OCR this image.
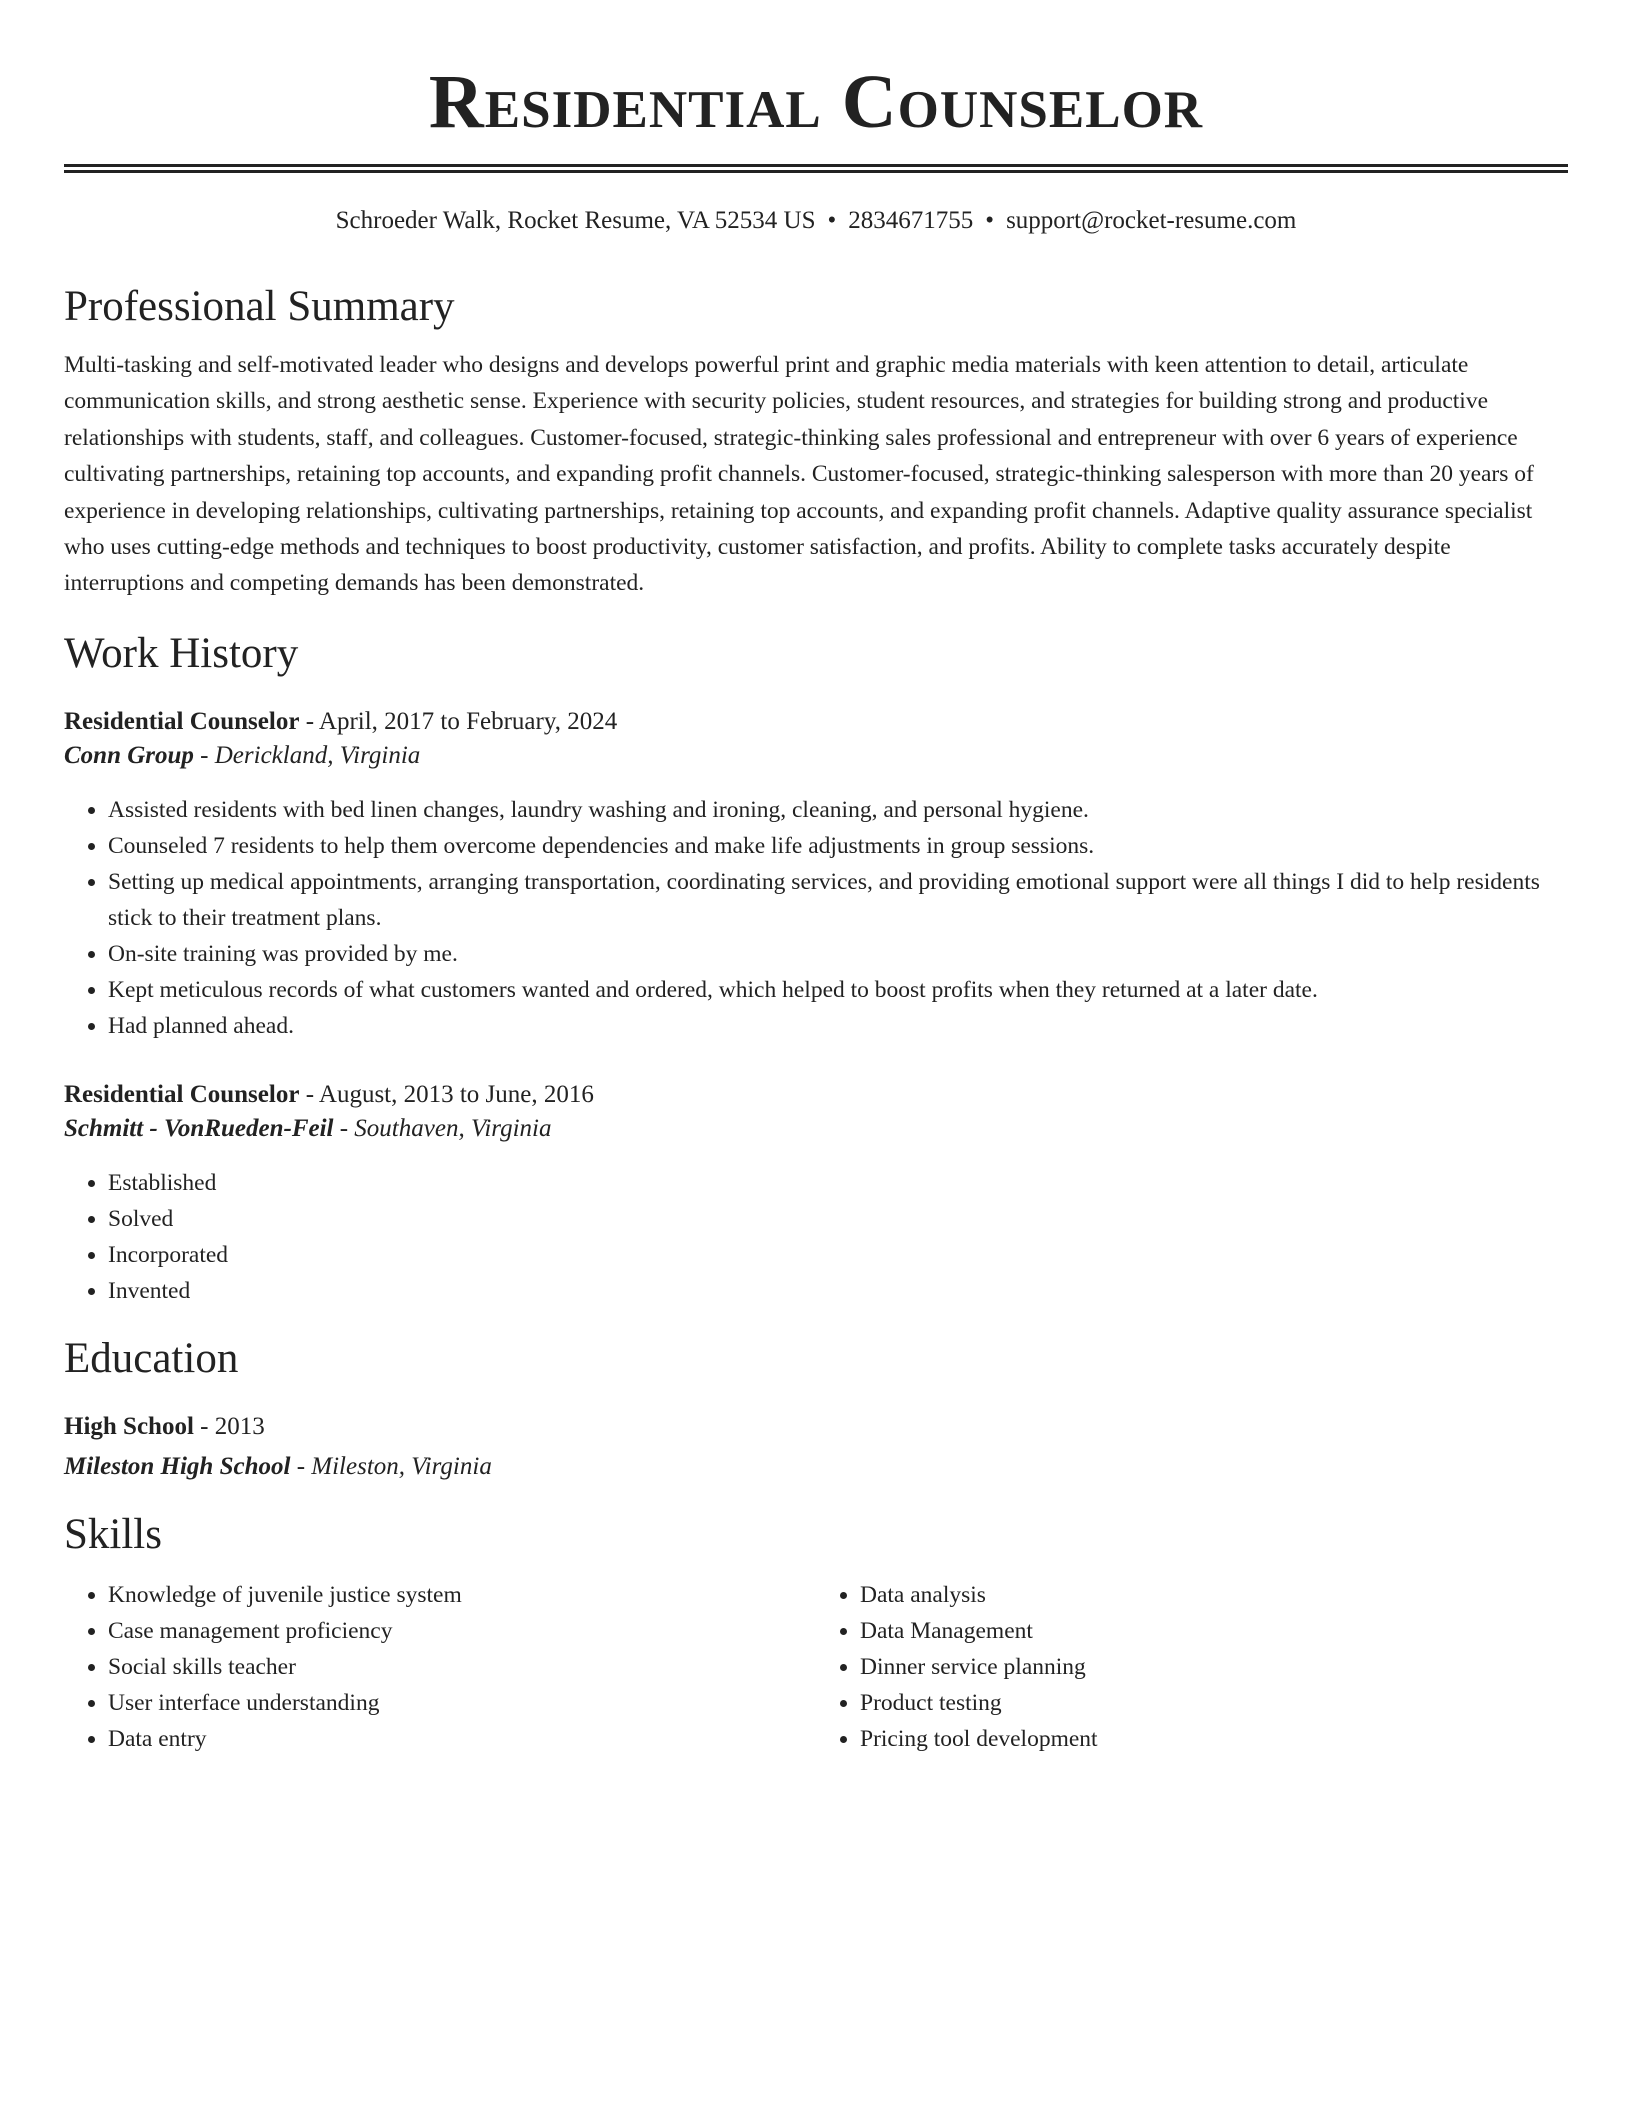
Residential Counselor
Schroeder Walk, Rocket Resume, VA 52534 US • 2834671755 • support@rocket-resume.com
Professional Summary
Multi-tasking and self-motivated leader who designs and develops powerful print and graphic media materials with keen attention to detail, articulate communication skills, and strong aesthetic sense. Experience with security policies, student resources, and strategies for building strong and productive relationships with students, staff, and colleagues. Customer-focused, strategic-thinking sales professional and entrepreneur with over 6 years of experience cultivating partnerships, retaining top accounts, and expanding profit channels. Customer-focused, strategic-thinking salesperson with more than 20 years of experience in developing relationships, cultivating partnerships, retaining top accounts, and expanding profit channels. Adaptive quality assurance specialist who uses cutting-edge methods and techniques to boost productivity, customer satisfaction, and profits. Ability to complete tasks accurately despite interruptions and competing demands has been demonstrated.
Work History
Residential Counselor - April, 2017 to February, 2024
Conn Group - Derickland, Virginia
• Assisted residents with bed linen changes, laundry washing and ironing, cleaning, and personal hygiene.
• Counseled 7 residents to help them overcome dependencies and make life adjustments in group sessions.
• Setting up medical appointments, arranging transportation, coordinating services, and providing emotional support were all things I did to help residents stick to their treatment plans.
• On-site training was provided by me.
• Kept meticulous records of what customers wanted and ordered, which helped to boost profits when they returned at a later date.
• Had planned ahead.
Residential Counselor - August, 2013 to June, 2016
Schmitt - VonRueden-Feil - Southaven, Virginia
• Established
• Solved
• Incorporated
• Invented
Education
High School - 2013
Mileston High School - Mileston, Virginia
Skills
• Knowledge of juvenile justice system
• Case management proficiency
• Social skills teacher
• User interface understanding
• Data entry
• Data analysis
• Data Management
• Dinner service planning
• Product testing
• Pricing tool development
